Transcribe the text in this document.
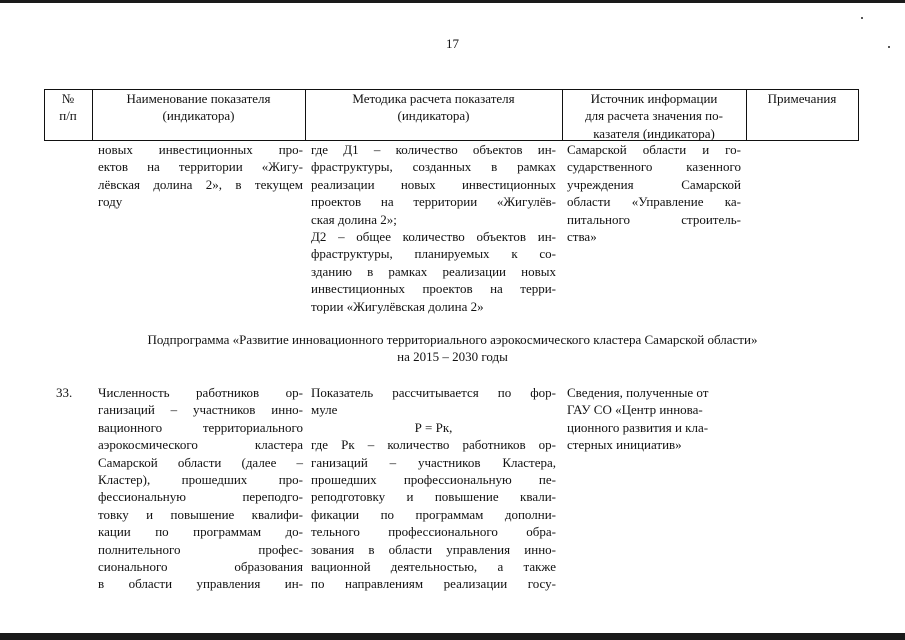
17
№ п/п
Наименование показателя
(индикатора)
Методика расчета показателя
(индикатора)
Источник информации
для расчета значения по-
казателя (индикатора)
Примечания
новых инвестиционных про-
ектов на территории «Жигу-
лёвская долина 2», в текущем
году
где Д1 – количество объектов ин-
фраструктуры, созданных в рамках
реализации новых инвестиционных
проектов на территории «Жигулёв-
ская долина 2»;
Д2 – общее количество объектов ин-
фраструктуры, планируемых к со-
зданию в рамках реализации новых
инвестиционных проектов на терри-
тории «Жигулёвская долина 2»
Самарской области и го-
сударственного казенного
учреждения Самарской
области «Управление ка-
питального строитель-
ства»
Подпрограмма «Развитие инновационного территориального аэрокосмического кластера Самарской области»
на 2015 – 2030 годы
33. Численность работников ор-
ганизаций – участников инно-
вационного территориального
аэрокосмического кластера
Самарской области (далее –
Кластер), прошедших про-
фессиональную переподго-
товку и повышение квалифи-
кации по программам до-
полнительного профес-
сионального образования
в области управления ин-
Показатель рассчитывается по фор-
муле
Р = Рк,
где Рк – количество работников ор-
ганизаций – участников Кластера,
прошедших профессиональную пе-
реподготовку и повышение квали-
фикации по программам дополни-
тельного профессионального обра-
зования в области управления инно-
вационной деятельностью, а также
по направлениям реализации госу-
Сведения, полученные от
ГАУ СО «Центр иннова-
ционного развития и кла-
стерных инициатив»
